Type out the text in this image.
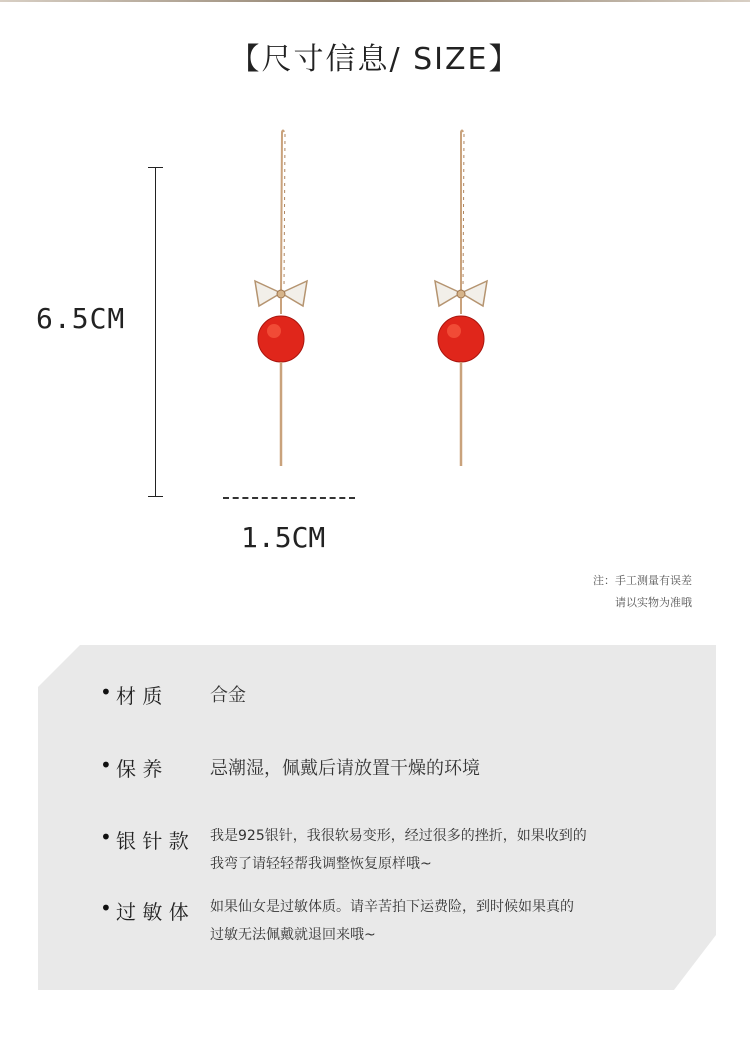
【尺寸信息/ SIZE】
6.5CM
1.5CM
注：手工测量有误差
请以实物为准哦
• 材 质	合金
• 保 养	忌潮湿，佩戴后请放置干燥的环境
• 银 针 款 我是925银针，我很软易变形，经过很多的挫折，如果收到的
我弯了请轻轻帮我调整恢复原样哦~
• 过 敏 体 如果仙女是过敏体质。请辛苦拍下运费险，到时候如果真的
过敏无法佩戴就退回来哦~
